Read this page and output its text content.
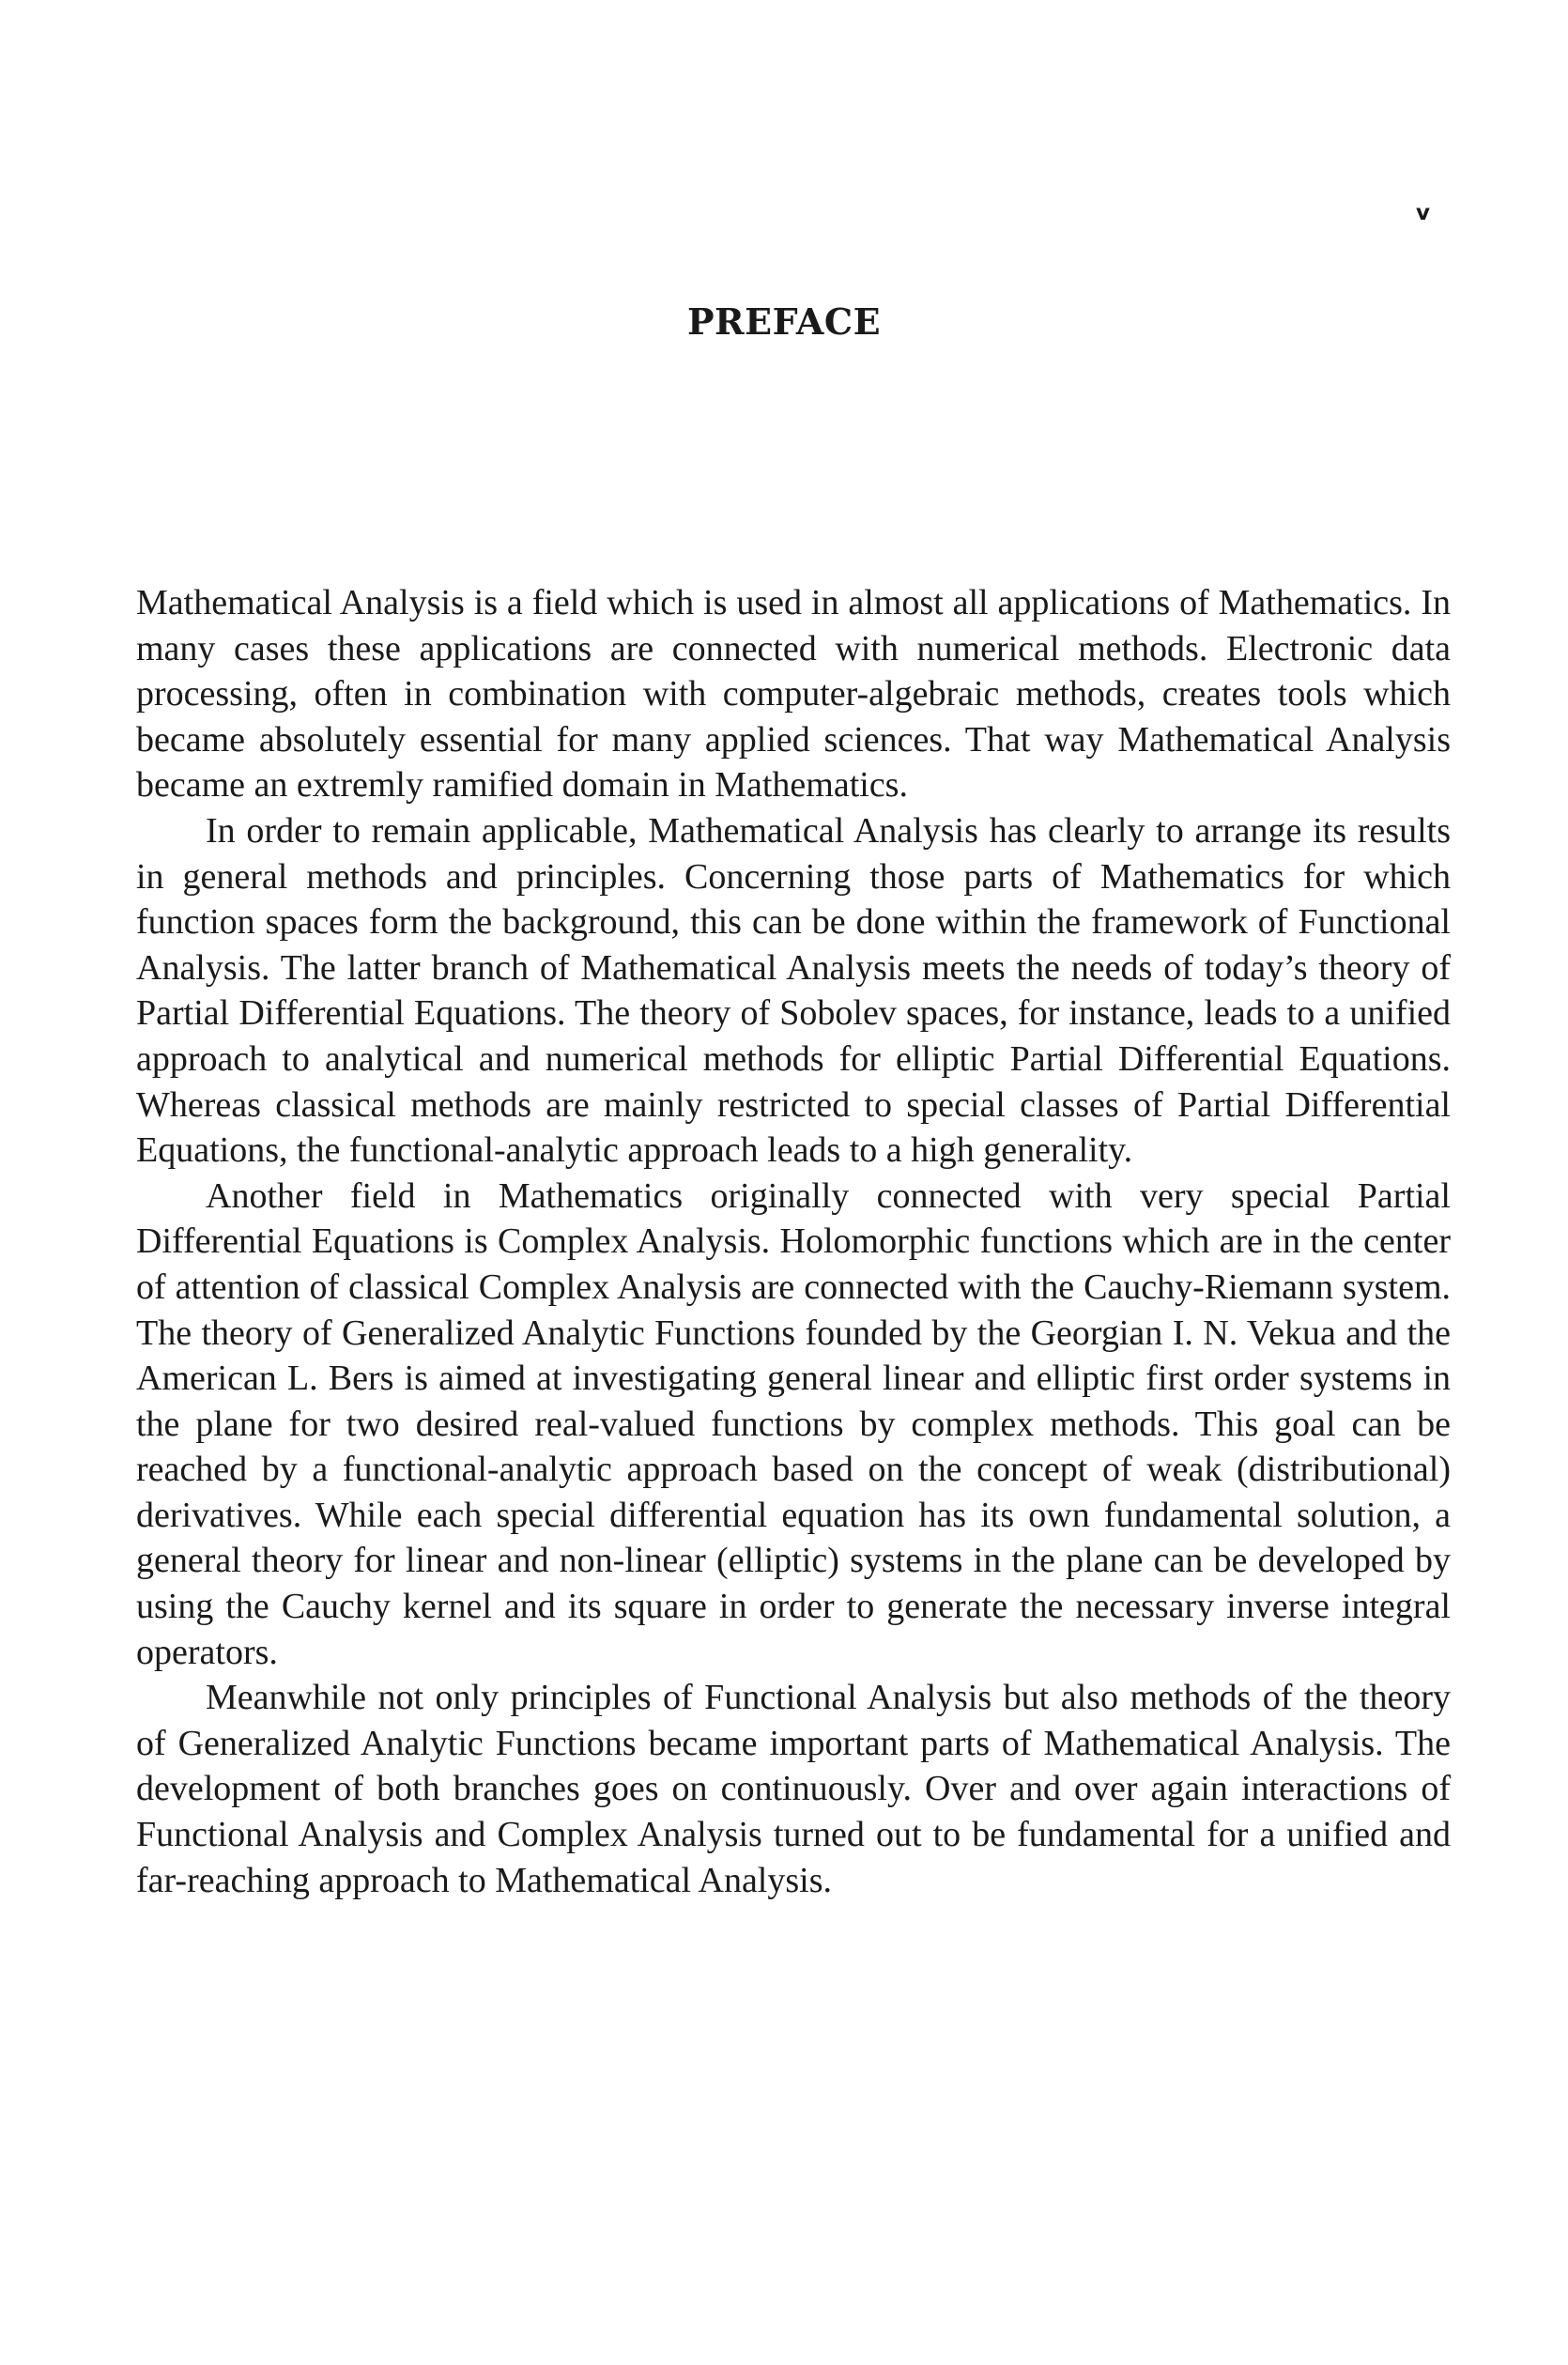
v
PREFACE

Mathematical Analysis is a field which is used in almost all applications of Mathematics. In many cases these applications are connected with numerical methods. Electronic data processing, often in combination with computer-algebraic methods, creates tools which became absolutely essential for many applied sciences. That way Mathematical Analysis became an extremly ramified domain in Mathematics.

In order to remain applicable, Mathematical Analysis has clearly to arrange its results in general methods and principles. Concerning those parts of Mathematics for which function spaces form the background, this can be done within the framework of Functional Analysis. The latter branch of Mathematical Analysis meets the needs of today’s theory of Partial Differential Equations. The theory of Sobolev spaces, for instance, leads to a unified approach to analytical and numerical methods for elliptic Partial Differential Equations. Whereas classical methods are mainly restricted to special classes of Partial Differential Equations, the functional-analytic approach leads to a high generality.

Another field in Mathematics originally connected with very special Partial Differential Equations is Complex Analysis. Holomorphic functions which are in the center of attention of classical Complex Analysis are connected with the Cauchy-Riemann system. The theory of Generalized Analytic Functions founded by the Georgian I. N. Vekua and the American L. Bers is aimed at investigating general linear and elliptic first order systems in the plane for two desired real-valued functions by complex methods. This goal can be reached by a functional-analytic approach based on the concept of weak (distributional) derivatives. While each special differential equation has its own fundamental solution, a general theory for linear and non-linear (elliptic) systems in the plane can be developed by using the Cauchy kernel and its square in order to generate the necessary inverse integral operators.

Meanwhile not only principles of Functional Analysis but also methods of the theory of Generalized Analytic Functions became important parts of Mathematical Analysis. The development of both branches goes on continuously. Over and over again interactions of Functional Analysis and Complex Analysis turned out to be fundamental for a unified and far-reaching approach to Mathematical Analysis.
